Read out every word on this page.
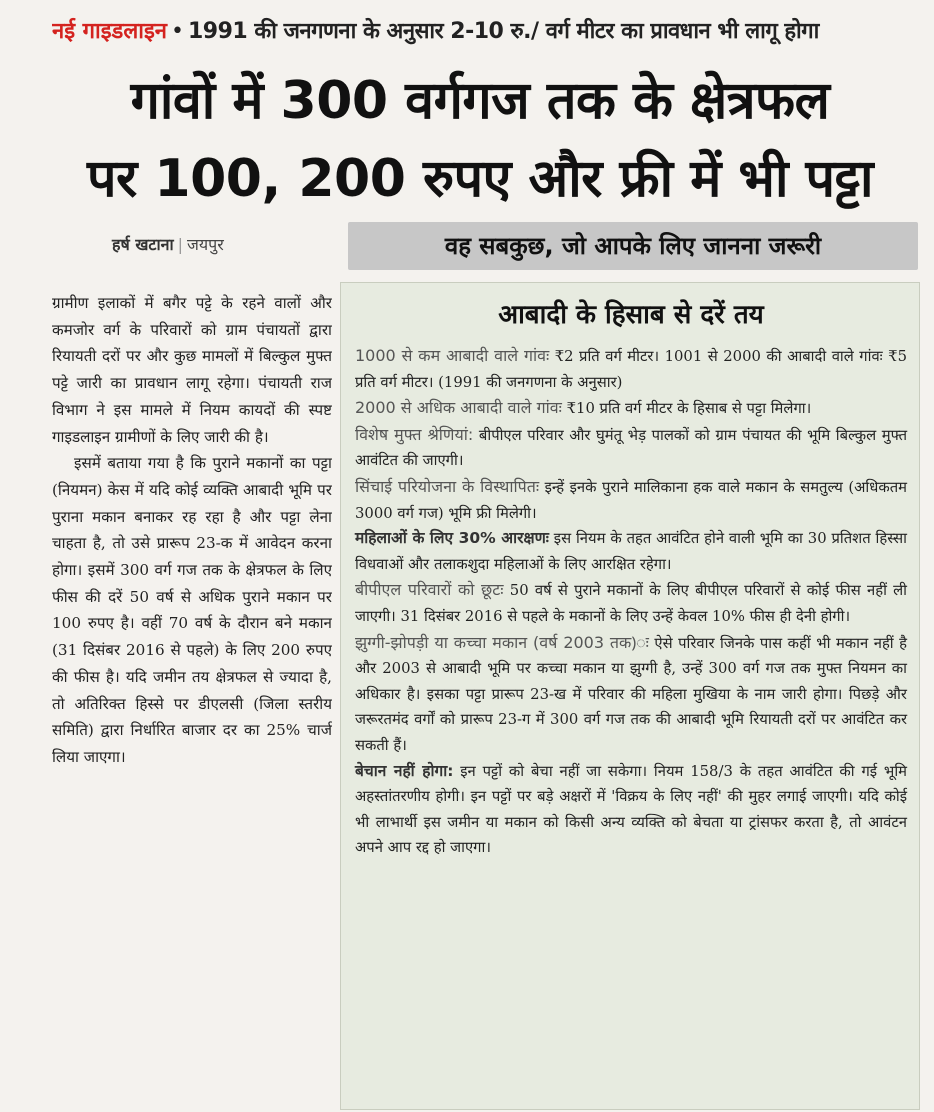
नई गाइडलाइन • 1991 की जनगणना के अनुसार 2-10 रु./ वर्ग मीटर का प्रावधान भी लागू होगा
गांवों में 300 वर्गगज तक के क्षेत्रफल
पर 100, 200 रुपए और फ्री में भी पट्टा
हर्ष खटाना | जयपुर	वह सबकुछ, जो आपके लिए जानना जरूरी

ग्रामीण इलाकों में बगैर पट्टे के रहने वालों और कमजोर वर्ग के परिवारों को ग्राम पंचायतों द्वारा रियायती दरों पर और कुछ मामलों में बिल्कुल मुफ्त पट्टे जारी का प्रावधान लागू रहेगा। पंचायती राज विभाग ने इस मामले में नियम कायदों की स्पष्ट गाइडलाइन ग्रामीणों के लिए जारी की है।

इसमें बताया गया है कि पुराने मकानों का पट्टा (नियमन) केस में यदि कोई व्यक्ति आबादी भूमि पर पुराना मकान बनाकर रह रहा है और पट्टा लेना चाहता है, तो उसे प्रारूप 23-क में आवेदन करना होगा। इसमें 300 वर्ग गज तक के क्षेत्रफल के लिए फीस की दरें 50 वर्ष से अधिक पुराने मकान पर 100 रुपए है। वहीं 70 वर्ष के दौरान बने मकान (31 दिसंबर 2016 से पहले) के लिए 200 रुपए की फीस है। यदि जमीन तय क्षेत्रफल से ज्यादा है, तो अतिरिक्त हिस्से पर डीएलसी (जिला स्तरीय समिति) द्वारा निर्धारित बाजार दर का 25% चार्ज लिया जाएगा।

आबादी के हिसाब से दरें तय

1000 से कम आबादी वाले गांवः ₹2 प्रति वर्ग मीटर। 1001 से 2000 की आबादी वाले गांवः ₹5 प्रति वर्ग मीटर। (1991 की जनगणना के अनुसार)

2000 से अधिक आबादी वाले गांवः ₹10 प्रति वर्ग मीटर के हिसाब से पट्टा मिलेगा।

विशेष मुफ्त श्रेणियां: बीपीएल परिवार और घुमंतू भेड़ पालकों को ग्राम पंचायत की भूमि बिल्कुल मुफ्त आवंटित की जाएगी।

सिंचाई परियोजना के विस्थापितः इन्हें इनके पुराने मालिकाना हक वाले मकान के समतुल्य (अधिकतम 3000 वर्ग गज) भूमि फ्री मिलेगी।

महिलाओं के लिए 30% आरक्षणः इस नियम के तहत आवंटित होने वाली भूमि का 30 प्रतिशत हिस्सा विधवाओं और तलाकशुदा महिलाओं के लिए आरक्षित रहेगा।

बीपीएल परिवारों को छूटः 50 वर्ष से पुराने मकानों के लिए बीपीएल परिवारों से कोई फीस नहीं ली जाएगी। 31 दिसंबर 2016 से पहले के मकानों के लिए उन्हें केवल 10% फीस ही देनी होगी।

झुग्गी-झोपड़ी या कच्चा मकान (वर्ष 2003 तक)ः ऐसे परिवार जिनके पास कहीं भी मकान नहीं है और 2003 से आबादी भूमि पर कच्चा मकान या झुग्गी है, उन्हें 300 वर्ग गज तक मुफ्त नियमन का अधिकार है। इसका पट्टा प्रारूप 23-ख में परिवार की महिला मुखिया के नाम जारी होगा। पिछड़े और जरूरतमंद वर्गों को प्रारूप 23-ग में 300 वर्ग गज तक की आबादी भूमि रियायती दरों पर आवंटित कर सकती हैं।

बेचान नहीं होगा: इन पट्टों को बेचा नहीं जा सकेगा। नियम 158/3 के तहत आवंटित की गई भूमि अहस्तांतरणीय होगी। इन पट्टों पर बड़े अक्षरों में 'विक्रय के लिए नहीं' की मुहर लगाई जाएगी। यदि कोई भी लाभार्थी इस जमीन या मकान को किसी अन्य व्यक्ति को बेचता या ट्रांसफर करता है, तो आवंटन अपने आप रद्द हो जाएगा।
